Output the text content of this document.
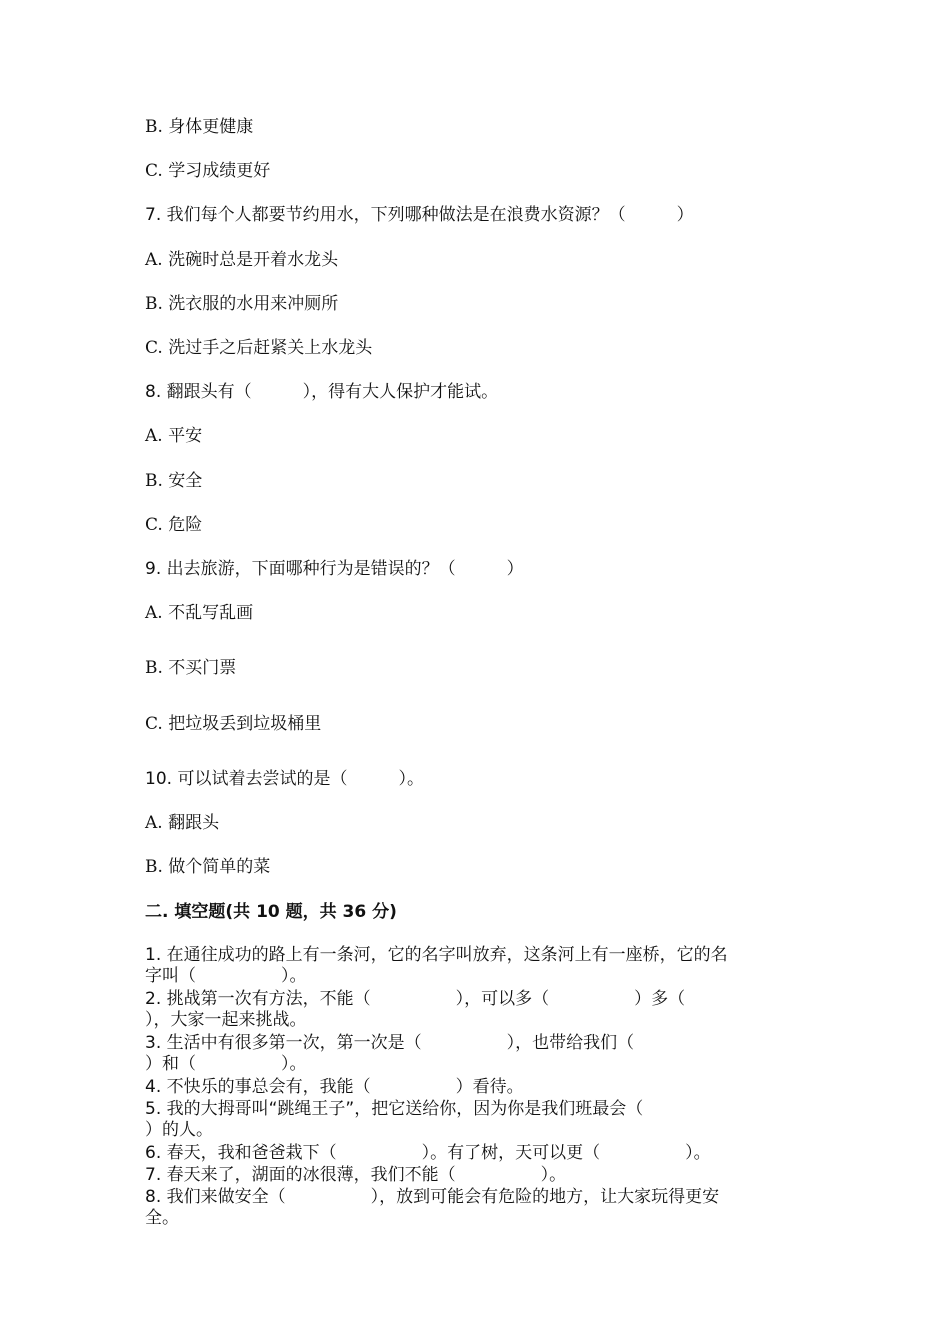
B. 身体更健康
C. 学习成绩更好
7. 我们每个人都要节约用水，下列哪种做法是在浪费水资源？（　　　）
A. 洗碗时总是开着水龙头
B. 洗衣服的水用来冲厕所
C. 洗过手之后赶紧关上水龙头
8. 翻跟头有（　　　），得有大人保护才能试。
A. 平安
B. 安全
C. 危险
9. 出去旅游，下面哪种行为是错误的？（　　　）
A. 不乱写乱画
B. 不买门票
C. 把垃圾丢到垃圾桶里
10. 可以试着去尝试的是（　　　）。
A. 翻跟头
B. 做个简单的菜
二. 填空题(共 10 题，共 36 分)
1. 在通往成功的路上有一条河，它的名字叫放弃，这条河上有一座桥，它的名
字叫（　　　　　）。
2. 挑战第一次有方法，不能（　　　　　），可以多（　　　　　）多（
），大家一起来挑战。
3. 生活中有很多第一次，第一次是（　　　　　），也带给我们（
）和（　　　　　）。
4. 不快乐的事总会有，我能（　　　　　）看待。
5. 我的大拇哥叫“跳绳王子”，把它送给你，因为你是我们班最会（
）的人。
6. 春天，我和爸爸栽下（　　　　　）。有了树，天可以更（　　　　　）。
7. 春天来了，湖面的冰很薄，我们不能（　　　　　）。
8. 我们来做安全（　　　　　），放到可能会有危险的地方，让大家玩得更安
全。
